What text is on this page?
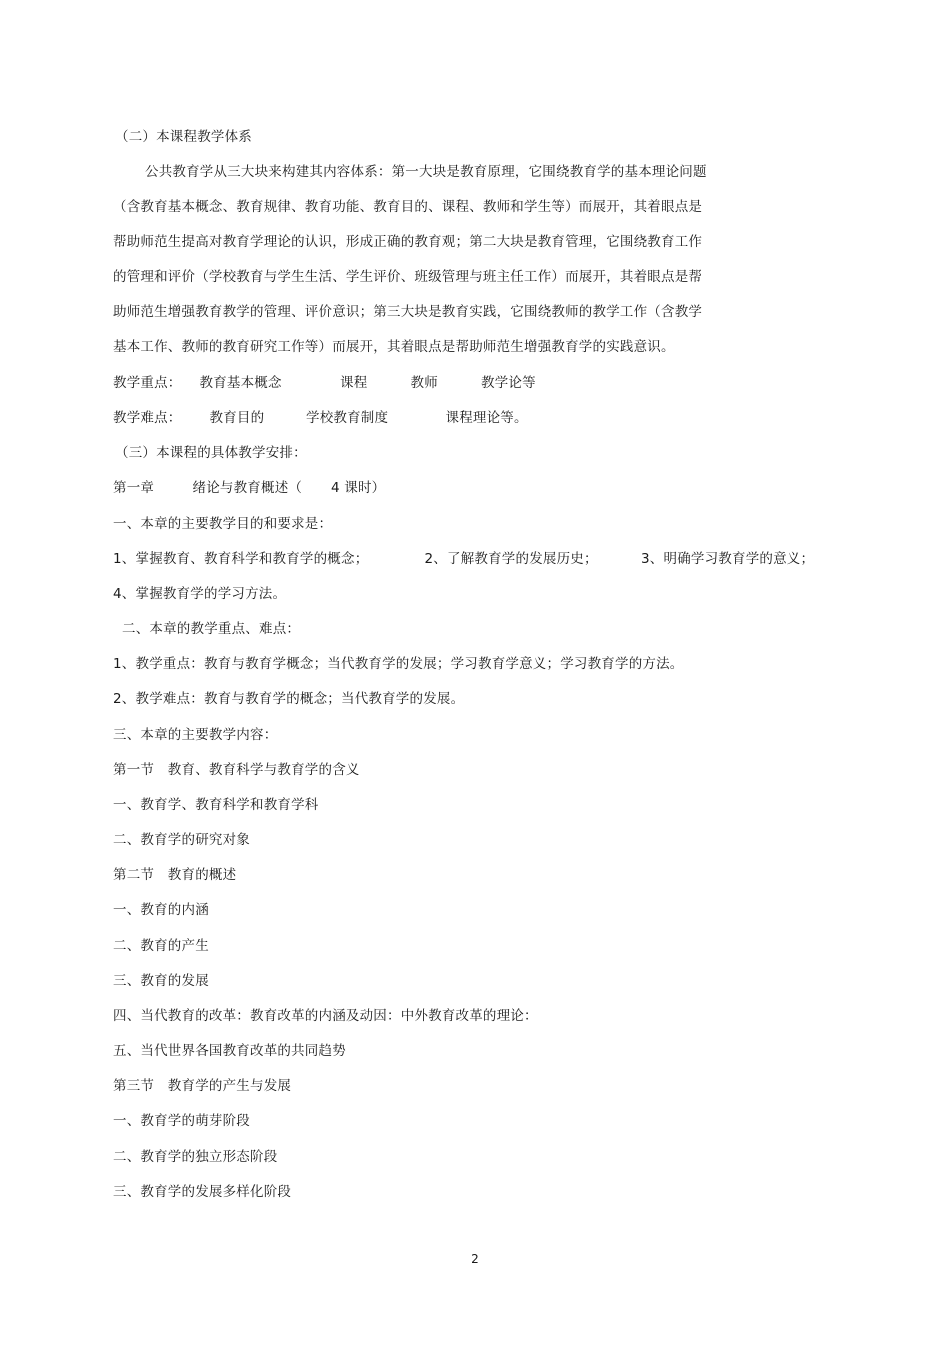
（二）本课程教学体系

公共教育学从三大块来构建其内容体系：第一大块是教育原理，它围绕教育学的基本理论问题

（含教育基本概念、教育规律、教育功能、教育目的、课程、教师和学生等）而展开，其着眼点是

帮助师范生提高对教育学理论的认识，形成正确的教育观；第二大块是教育管理，它围绕教育工作

的管理和评价（学校教育与学生生活、学生评价、班级管理与班主任工作）而展开，其着眼点是帮

助师范生增强教育教学的管理、评价意识；第三大块是教育实践，它围绕教师的教学工作（含教学

基本工作、教师的教育研究工作等）而展开，其着眼点是帮助师范生增强教育学的实践意识。

教学重点： 教育基本概念	课程	教师	教学论等
教学难点： 教育目的	学校教育制度	课程理论等。
（三）本课程的具体教学安排：
第一章	绪论与教育概述（ 4 课时）
一、本章的主要教学目的和要求是：
1、掌握教育、教育科学和教育学的概念；	2、了解教育学的发展历史；	3、明确学习教育学的意义；
4、掌握教育学的学习方法。
二、本章的教学重点、难点：
1、教学重点：教育与教育学概念；当代教育学的发展；学习教育学意义；学习教育学的方法。
2、教学难点：教育与教育学的概念；当代教育学的发展。
三、本章的主要教学内容：
第一节　教育、教育科学与教育学的含义
一、教育学、教育科学和教育学科
二、教育学的研究对象
第二节　教育的概述
一、教育的内涵
二、教育的产生
三、教育的发展
四、当代教育的改革：教育改革的内涵及动因：中外教育改革的理论：
五、当代世界各国教育改革的共同趋势
第三节　教育学的产生与发展
一、教育学的萌芽阶段
二、教育学的独立形态阶段
三、教育学的发展多样化阶段
2
